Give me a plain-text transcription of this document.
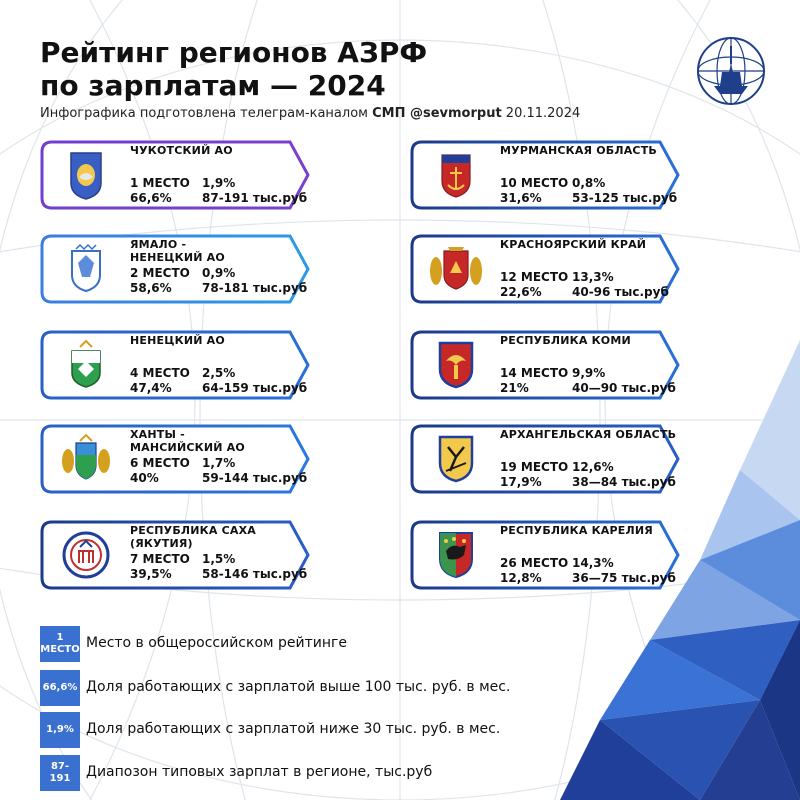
Рейтинг регионов АЗРФ
по зарплатам — 2024
Инфографика подготовлена телеграм-каналом СМП @sevmorput 20.11.2024
ЧУКОТСКИЙ АО
1 МЕСТО	1,9%
66,6%	87-191 тыс.руб
ЯМАЛО -
НЕНЕЦКИЙ АО
2 МЕСТО	0,9%
58,6%	78-181 тыс.руб
НЕНЕЦКИЙ АО
4 МЕСТО	2,5%
47,4%	64-159 тыс.руб
ХАНТЫ -
МАНСИЙСКИЙ АО
6 МЕСТО	1,7%
40%	59-144 тыс.руб
РЕСПУБЛИКА САХА
(ЯКУТИЯ)
7 МЕСТО	1,5%
39,5%	58-146 тыс.руб
МУРМАНСКАЯ ОБЛАСТЬ
10 МЕСТО 0,8%
31,6%	53-125 тыс.руб
КРАСНОЯРСКИЙ КРАЙ
12 МЕСТО 13,3%
22,6%	40-96 тыс.руб
РЕСПУБЛИКА КОМИ
14 МЕСТО 9,9%
21%	40—90 тыс.руб
АРХАНГЕЛЬСКАЯ ОБЛАСТЬ
19 МЕСТО 12,6%
17,9%	38—84 тыс.руб
РЕСПУБЛИКА КАРЕЛИЯ
26 МЕСТО 14,3%
12,8%	36—75 тыс.руб
1
МЕСТО Место в общероссийском рейтинге
66,6% Доля работающих с зарплатой выше 100 тыс. руб. в мес.
1,9% Доля работающих с зарплатой ниже 30 тыс. руб. в мес.
87-
191 Диапозон типовых зарплат в регионе, тыс.руб
